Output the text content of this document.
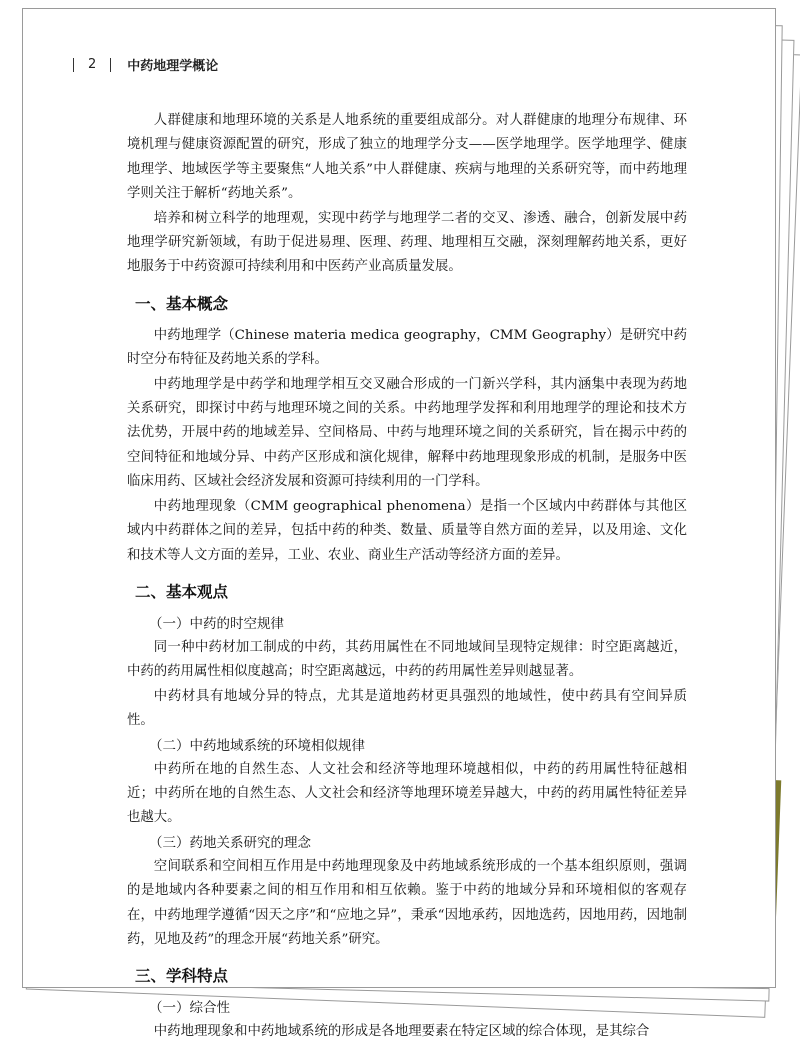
2 中药地理学概论

人群健康和地理环境的关系是人地系统的重要组成部分。对人群健康的地理分布规律、环境机理与健康资源配置的研究，形成了独立的地理学分支——医学地理学。医学地理学、健康地理学、地域医学等主要聚焦“人地关系”中人群健康、疾病与地理的关系研究等，而中药地理学则关注于解析“药地关系”。

培养和树立科学的地理观，实现中药学与地理学二者的交叉、渗透、融合，创新发展中药地理学研究新领域，有助于促进易理、医理、药理、地理相互交融，深刻理解药地关系，更好地服务于中药资源可持续利用和中医药产业高质量发展。

一、基本概念

中药地理学（Chinese materia medica geography，CMM Geography）是研究中药时空分布特征及药地关系的学科。

中药地理学是中药学和地理学相互交叉融合形成的一门新兴学科，其内涵集中表现为药地关系研究，即探讨中药与地理环境之间的关系。中药地理学发挥和利用地理学的理论和技术方法优势，开展中药的地域差异、空间格局、中药与地理环境之间的关系研究，旨在揭示中药的空间特征和地域分异、中药产区形成和演化规律，解释中药地理现象形成的机制，是服务中医临床用药、区域社会经济发展和资源可持续利用的一门学科。

中药地理现象（CMM geographical phenomena）是指一个区域内中药群体与其他区域内中药群体之间的差异，包括中药的种类、数量、质量等自然方面的差异，以及用途、文化和技术等人文方面的差异，工业、农业、商业生产活动等经济方面的差异。

二、基本观点
（一）中药的时空规律

同一种中药材加工制成的中药，其药用属性在不同地域间呈现特定规律：时空距离越近，中药的药用属性相似度越高；时空距离越远，中药的药用属性差异则越显著。

中药材具有地域分异的特点，尤其是道地药材更具强烈的地域性，使中药具有空间异质性。

（二）中药地域系统的环境相似规律

中药所在地的自然生态、人文社会和经济等地理环境越相似，中药的药用属性特征越相近；中药所在地的自然生态、人文社会和经济等地理环境差异越大，中药的药用属性特征差异也越大。

（三）药地关系研究的理念

空间联系和空间相互作用是中药地理现象及中药地域系统形成的一个基本组织原则，强调的是地域内各种要素之间的相互作用和相互依赖。鉴于中药的地域分异和环境相似的客观存在，中药地理学遵循“因天之序”和“应地之异”，秉承“因地承药，因地选药，因地用药，因地制药，见地及药”的理念开展“药地关系”研究。

三、学科特点
（一）综合性

中药地理现象和中药地域系统的形成是各地理要素在特定区域的综合体现，是其综合
